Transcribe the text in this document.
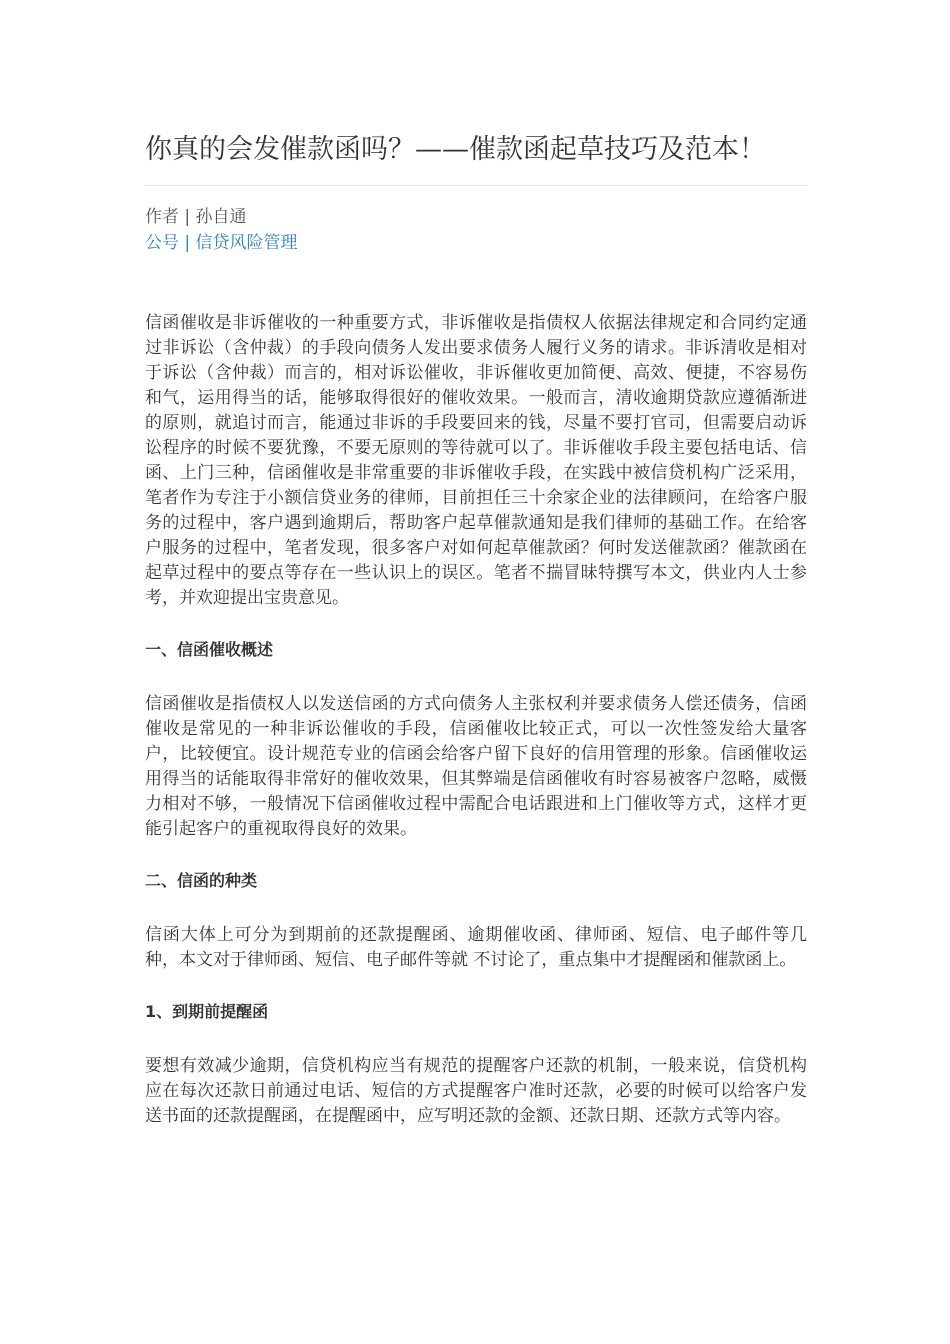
你真的会发催款函吗？——催款函起草技巧及范本！
作者 | 孙自通
公号 | 信贷风险管理

信函催收是非诉催收的一种重要方式，非诉催收是指债权人依据法律规定和合同约定通过非诉讼（含仲裁）的手段向债务人发出要求债务人履行义务的请求。非诉清收是相对于诉讼（含仲裁）而言的，相对诉讼催收，非诉催收更加简便、高效、便捷，不容易伤和气，运用得当的话，能够取得很好的催收效果。一般而言，清收逾期贷款应遵循渐进的原则，就追讨而言，能通过非诉的手段要回来的钱，尽量不要打官司，但需要启动诉讼程序的时候不要犹豫，不要无原则的等待就可以了。非诉催收手段主要包括电话、信函、上门三种，信函催收是非常重要的非诉催收手段，在实践中被信贷机构广泛采用，笔者作为专注于小额信贷业务的律师，目前担任三十余家企业的法律顾问，在给客户服务的过程中，客户遇到逾期后，帮助客户起草催款通知是我们律师的基础工作。在给客户服务的过程中，笔者发现，很多客户对如何起草催款函？何时发送催款函？催款函在起草过程中的要点等存在一些认识上的误区。笔者不揣冒昧特撰写本文，供业内人士参考，并欢迎提出宝贵意见。

一、信函催收概述

信函催收是指债权人以发送信函的方式向债务人主张权利并要求债务人偿还债务，信函催收是常见的一种非诉讼催收的手段，信函催收比较正式，可以一次性签发给大量客户，比较便宜。设计规范专业的信函会给客户留下良好的信用管理的形象。信函催收运用得当的话能取得非常好的催收效果，但其弊端是信函催收有时容易被客户忽略，威慑力相对不够，一般情况下信函催收过程中需配合电话跟进和上门催收等方式，这样才更能引起客户的重视取得良好的效果。

二、信函的种类

信函大体上可分为到期前的还款提醒函、逾期催收函、律师函、短信、电子邮件等几种，本文对于律师函、短信、电子邮件等就 不讨论了，重点集中才提醒函和催款函上。

1、到期前提醒函

要想有效减少逾期，信贷机构应当有规范的提醒客户还款的机制，一般来说，信贷机构应在每次还款日前通过电话、短信的方式提醒客户准时还款，必要的时候可以给客户发送书面的还款提醒函，在提醒函中，应写明还款的金额、还款日期、还款方式等内容。
